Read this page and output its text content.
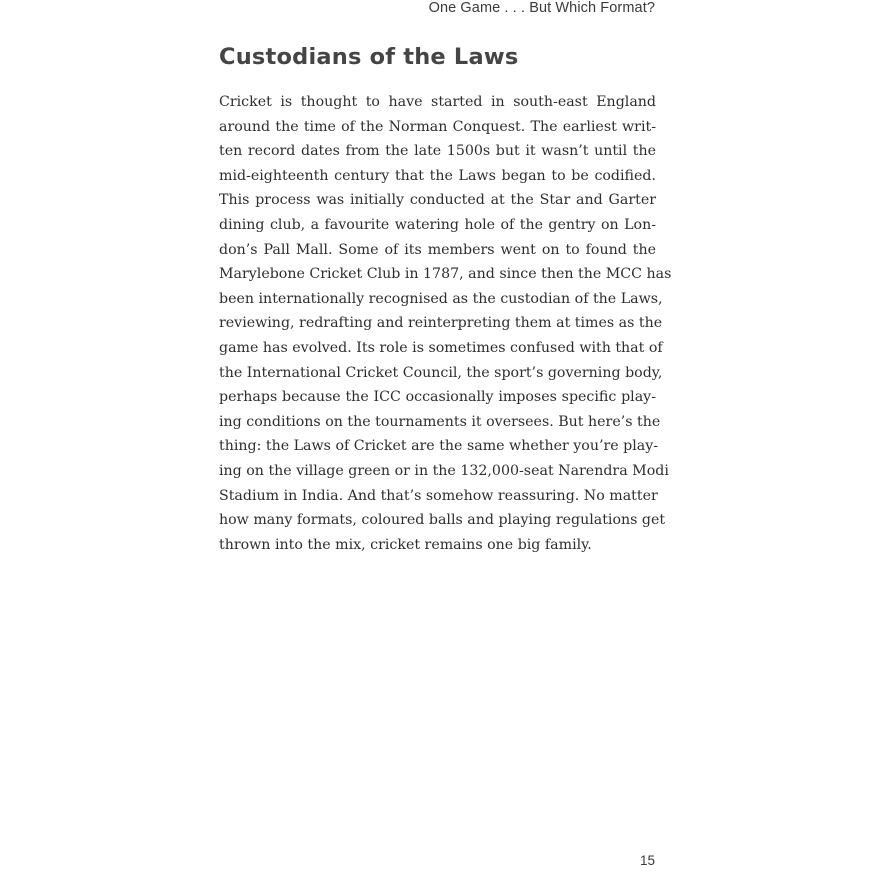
One Game . . . But Which Format?
Custodians of the Laws
Cricket is thought to have started in south-east England
around the time of the Norman Conquest. The earliest writ-
ten record dates from the late 1500s but it wasn’t until the
mid-eighteenth century that the Laws began to be codified.
This process was initially conducted at the Star and Garter
dining club, a favourite watering hole of the gentry on Lon-
don’s Pall Mall. Some of its members went on to found the
Marylebone Cricket Club in 1787, and since then the MCC has
been internationally recognised as the custodian of the Laws,
reviewing, redrafting and reinterpreting them at times as the
game has evolved. Its role is sometimes confused with that of
the International Cricket Council, the sport’s governing body,
perhaps because the ICC occasionally imposes specific play-
ing conditions on the tournaments it oversees. But here’s the
thing: the Laws of Cricket are the same whether you’re play-
ing on the village green or in the 132,000-seat Narendra Modi
Stadium in India. And that’s somehow reassuring. No matter
how many formats, coloured balls and playing regulations get
thrown into the mix, cricket remains one big family.
15
